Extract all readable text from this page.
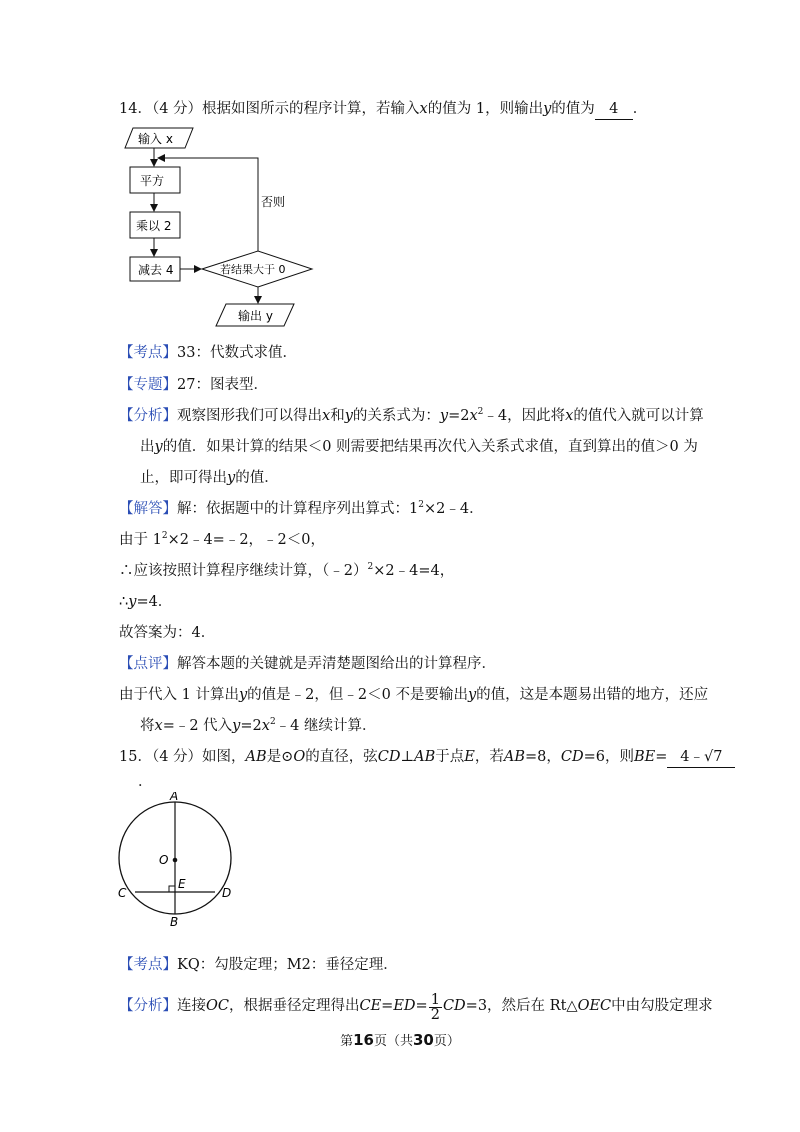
14．（4 分）根据如图所示的程序计算，若输入x的值为 1，则输出y的值为 4 ．
输入 x
平方
乘以 2
减去 4	若结果大于 0
否则
输出 y
【考点】33：代数式求值．
【专题】27：图表型．
【分析】观察图形我们可以得出x和y的关系式为：$y=2x^2﹣4$，因此将x的值代入就可以计算
出y的值．如果计算的结果＜0 则需要把结果再次代入关系式求值，直到算出的值＞0 为
止，即可得出y的值．
【解答】解：依据题中的计算程序列出算式：$1^2\times 2﹣4$．
由于 $1^2\times 2﹣4=﹣2$，﹣2＜0，
∴应该按照计算程序继续计算，（﹣2）$^2$×2﹣4=4，
∴y=4．
故答案为：4．
【点评】解答本题的关键就是弄清楚题图给出的计算程序．
由于代入 1 计算出y的值是﹣2，但﹣2＜0 不是要输出y的值，这是本题易出错的地方，还应
将x=﹣2 代入$y=2x^2﹣4$ 继续计算．
15．（4 分）如图，AB是⊙O的直径，弦CD⊥AB于点E，若AB=8，CD=6，则BE= 4﹣√7
．
A
O
E
C	D
B
【考点】KQ：勾股定理；M2：垂径定理．
【分析】连接OC，根据垂径定理得出$CE=ED= \frac{1}{2} CD=3$，然后在 Rt△OEC中由勾股定理求
第16页（共30页）
